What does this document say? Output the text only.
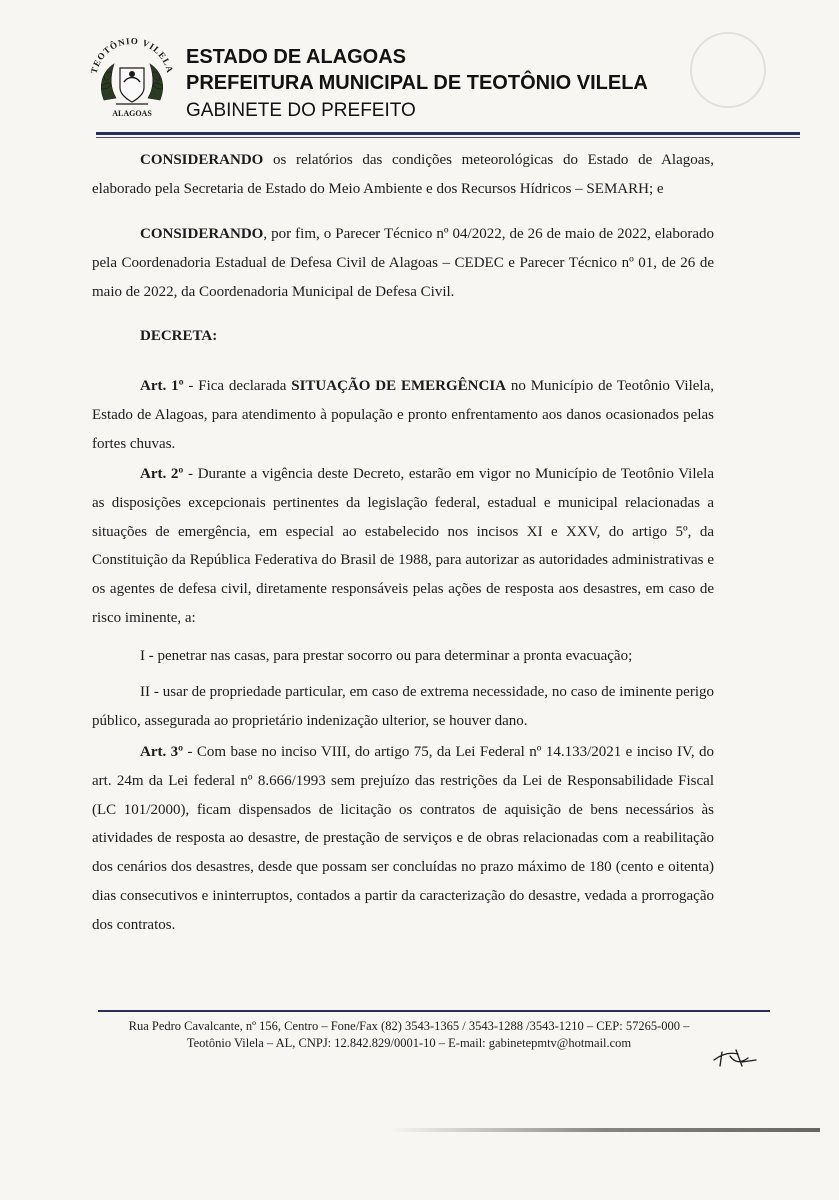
TEOTÔNIO VILELA
ALAGOAS
ESTADO DE ALAGOAS
PREFEITURA MUNICIPAL DE TEOTÔNIO VILELA
GABINETE DO PREFEITO
CONSIDERANDO os relatórios das condições meteorológicas do Estado de Alagoas, elaborado pela Secretaria de Estado do Meio Ambiente e dos Recursos Hídricos – SEMARH; e
CONSIDERANDO, por fim, o Parecer Técnico nº 04/2022, de 26 de maio de 2022, elaborado pela Coordenadoria Estadual de Defesa Civil de Alagoas – CEDEC e Parecer Técnico nº 01, de 26 de maio de 2022, da Coordenadoria Municipal de Defesa Civil.
DECRETA:
Art. 1º - Fica declarada SITUAÇÃO DE EMERGÊNCIA no Município de Teotônio Vilela, Estado de Alagoas, para atendimento à população e pronto enfrentamento aos danos ocasionados pelas fortes chuvas.
Art. 2º - Durante a vigência deste Decreto, estarão em vigor no Município de Teotônio Vilela as disposições excepcionais pertinentes da legislação federal, estadual e municipal relacionadas a situações de emergência, em especial ao estabelecido nos incisos XI e XXV, do artigo 5º, da Constituição da República Federativa do Brasil de 1988, para autorizar as autoridades administrativas e os agentes de defesa civil, diretamente responsáveis pelas ações de resposta aos desastres, em caso de risco iminente, a:
I - penetrar nas casas, para prestar socorro ou para determinar a pronta evacuação;
II - usar de propriedade particular, em caso de extrema necessidade, no caso de iminente perigo público, assegurada ao proprietário indenização ulterior, se houver dano.
Art. 3º - Com base no inciso VIII, do artigo 75, da Lei Federal nº 14.133/2021 e inciso IV, do art. 24m da Lei federal nº 8.666/1993 sem prejuízo das restrições da Lei de Responsabilidade Fiscal (LC 101/2000), ficam dispensados de licitação os contratos de aquisição de bens necessários às atividades de resposta ao desastre, de prestação de serviços e de obras relacionadas com a reabilitação dos cenários dos desastres, desde que possam ser concluídas no prazo máximo de 180 (cento e oitenta) dias consecutivos e ininterruptos, contados a partir da caracterização do desastre, vedada a prorrogação dos contratos.
Rua Pedro Cavalcante, nº 156, Centro – Fone/Fax (82) 3543-1365 / 3543-1288 /3543-1210 – CEP: 57265-000 –
Teotônio Vilela – AL, CNPJ: 12.842.829/0001-10 – E-mail: gabinetepmtv@hotmail.com
